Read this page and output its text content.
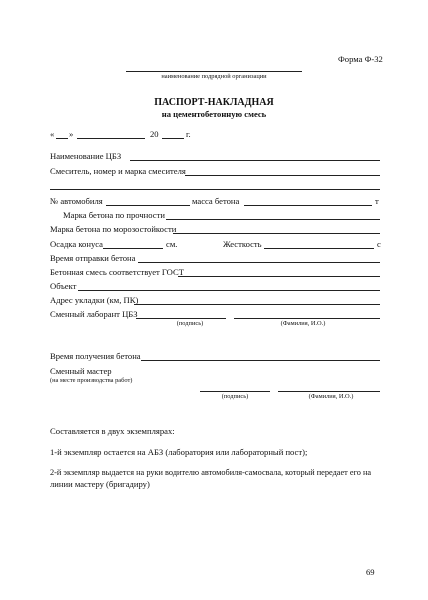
Форма Ф-32
наименование подрядной организации
ПАСПОРТ-НАКЛАДНАЯ
на цементобетонную смесь
« »	20	г.
Наименование ЦБЗ
Смеситель, номер и марка смесителя
№ автомобиля	масса бетона	т
Марка бетона по прочности
Марка бетона по морозостойкости
Осадка конуса	см.	Жесткость	с
Время отправки бетона
Бетонная смесь соответствует ГОСТ
Объект
Адрес укладки (км, ПК)
Сменный лаборант ЦБЗ
(подпись)	(Фамилия, И.О.)
Время получения бетона
Сменный мастер
(на месте производства работ)
(подпись)	(Фамилия, И.О.)
Составляется в двух экземплярах:
1-й экземпляр остается на АБЗ (лаборатория или лабораторный пост);
2-й экземпляр выдается на руки водителю автомобиля-самосвала, который передает его на
линии мастеру (бригадиру)
69
